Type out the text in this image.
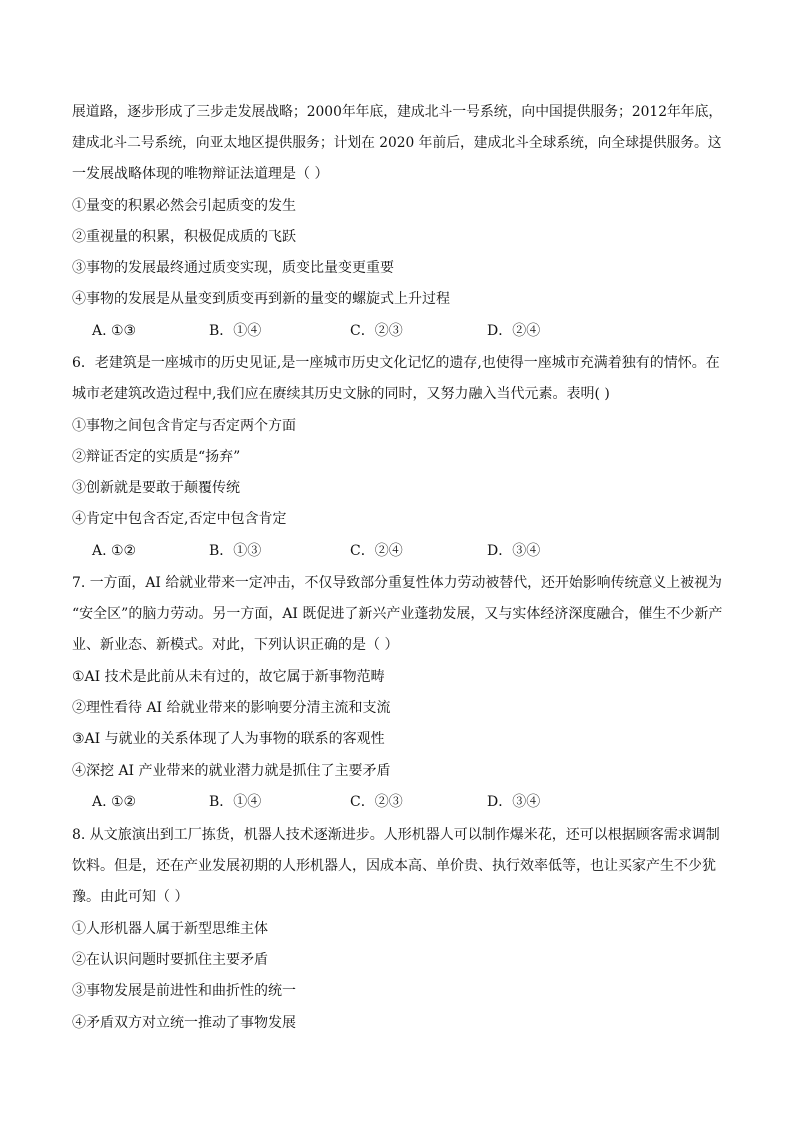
展道路，逐步形成了三步走发展战略；2000年年底，建成北斗一号系统，向中国提供服务；2012年年底，
建成北斗二号系统，向亚太地区提供服务；计划在 2020 年前后，建成北斗全球系统，向全球提供服务。这
一发展战略体现的唯物辩证法道理是（ ）
①量变的积累必然会引起质变的发生
②重视量的积累，积极促成质的飞跃
③事物的发展最终通过质变实现，质变比量变更重要
④事物的发展是从量变到质变再到新的量变的螺旋式上升过程
A. ①③	B．①④	C．②③	D．②④
6．老建筑是一座城市的历史见证,是一座城市历史文化记忆的遗存,也使得一座城市充满着独有的情怀。在
城市老建筑改造过程中,我们应在赓续其历史文脉的同时，又努力融入当代元素。表明( )
①事物之间包含肯定与否定两个方面
②辩证否定的实质是“扬弃”
③创新就是要敢于颠覆传统
④肯定中包含否定,否定中包含肯定
A. ①②	B．①③	C．②④	D．③④
7. 一方面，AI 给就业带来一定冲击，不仅导致部分重复性体力劳动被替代，还开始影响传统意义上被视为
“安全区”的脑力劳动。另一方面，AI 既促进了新兴产业蓬勃发展，又与实体经济深度融合，催生不少新产
业、新业态、新模式。对此，下列认识正确的是（ ）
①AI 技术是此前从未有过的，故它属于新事物范畴
②理性看待 AI 给就业带来的影响要分清主流和支流
③AI 与就业的关系体现了人为事物的联系的客观性
④深挖 AI 产业带来的就业潜力就是抓住了主要矛盾
A. ①②	B．①④	C．②③	D．③④
8. 从文旅演出到工厂拣货，机器人技术逐渐进步。人形机器人可以制作爆米花，还可以根据顾客需求调制
饮料。但是，还在产业发展初期的人形机器人，因成本高、单价贵、执行效率低等，也让买家产生不少犹
豫。由此可知（ ）
①人形机器人属于新型思维主体
②在认识问题时要抓住主要矛盾
③事物发展是前进性和曲折性的统一
④矛盾双方对立统一推动了事物发展
